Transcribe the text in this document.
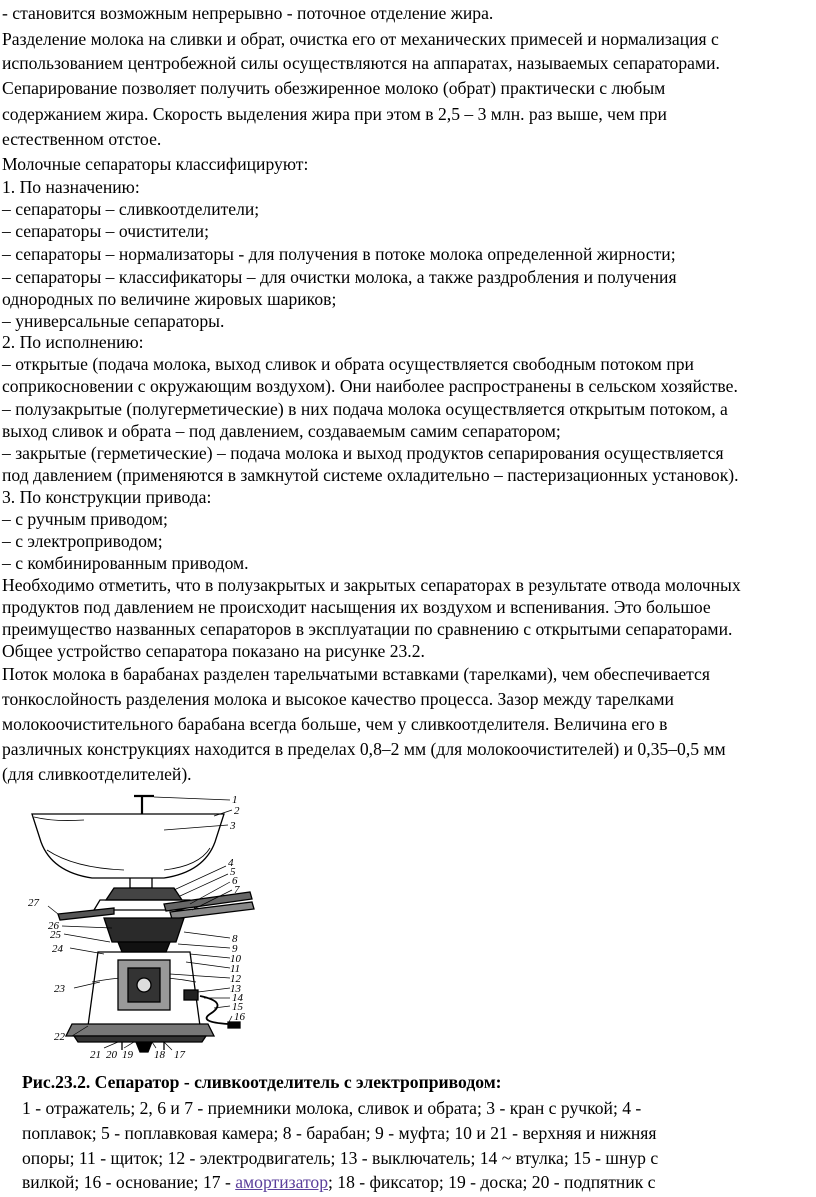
- становится возможным непрерывно - поточное отделение жира.
Разделение молока на сливки и обрат, очистка его от механических примесей и нормализация с
использованием центробежной силы осуществляются на аппаратах, называемых сепараторами.
Сепарирование позволяет получить обезжиренное молоко (обрат) практически с любым
содержанием жира. Скорость выделения жира при этом в 2,5 – 3 млн. раз выше, чем при
естественном отстое.
Молочные сепараторы классифицируют:
1. По назначению:
– сепараторы – сливкоотделители;
– сепараторы – очистители;
– сепараторы – нормализаторы - для получения в потоке молока определенной жирности;
– сепараторы – классификаторы – для очистки молока, а также раздробления и получения
однородных по величине жировых шариков;
– универсальные сепараторы.
2. По исполнению:
– открытые (подача молока, выход сливок и обрата осуществляется свободным потоком при
соприкосновении с окружающим воздухом). Они наиболее распространены в сельском хозяйстве.
– полузакрытые (полугерметические) в них подача молока осуществляется открытым потоком, а
выход сливок и обрата – под давлением, создаваемым самим сепаратором;
– закрытые (герметические) – подача молока и выход продуктов сепарирования осуществляется
под давлением (применяются в замкнутой системе охладительно – пастеризационных установок).
3. По конструкции привода:
– с ручным приводом;
– с электроприводом;
– с комбинированным приводом.
Необходимо отметить, что в полузакрытых и закрытых сепараторах в результате отвода молочных
продуктов под давлением не происходит насыщения их воздухом и вспенивания. Это большое
преимущество названных сепараторов в эксплуатации по сравнению с открытыми сепараторами.
Общее устройство сепаратора показано на рисунке 23.2.
Поток молока в барабанах разделен тарельчатыми вставками (тарелками), чем обеспечивается
тонкослойность разделения молока и высокое качество процесса. Зазор между тарелками
молокоочистительного барабана всегда больше, чем у сливкоотделителя. Величина его в
различных конструкциях находится в пределах 0,8–2 мм (для молокоочистителей) и 0,35–0,5 мм
(для сливкоотделителей).
1
2
3
4
5
6
7
8
9
10
11
12
13
14
15
16
17
18
19
20
21
22
23
24
25
26
27
Рис.23.2. Сепаратор - сливкоотделитель с электроприводом:
1 - отражатель; 2, 6 и 7 - приемники молока, сливок и обрата; 3 - кран с ручкой; 4 -
поплавок; 5 - поплавковая камера; 8 - барабан; 9 - муфта; 10 и 21 - верхняя и нижняя
опоры; 11 - щиток; 12 - электродвигатель; 13 - выключатель; 14 ~ втулка; 15 - шнур с
вилкой; 16 - основание; 17 - амортизатор; 18 - фиксатор; 19 - доска; 20 - подпятник с
